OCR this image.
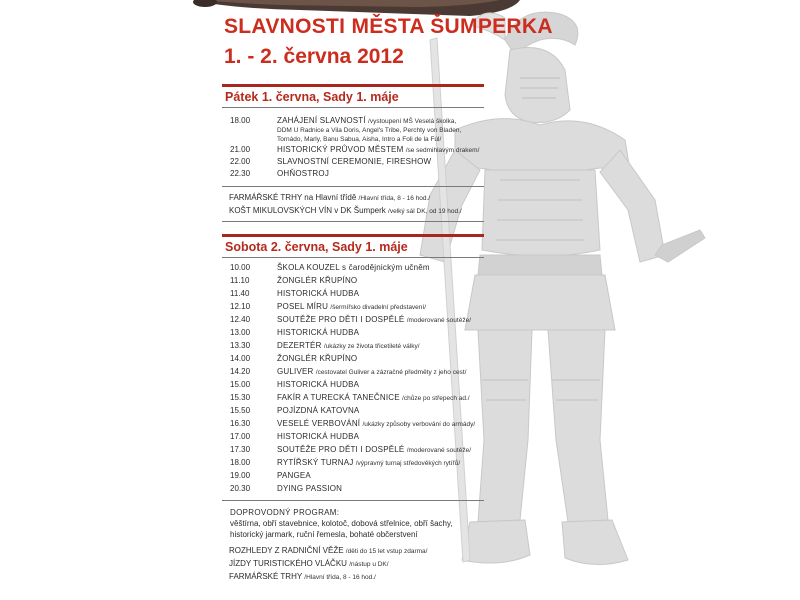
SLAVNOSTI MĚSTA ŠUMPERKA
1. - 2. června 2012
Pátek 1. června, Sady 1. máje
18.00	ZAHÁJENÍ SLAVNOSTÍ /vystoupení MŠ Veselá školka,
DDM U Radnice a Vila Doris, Angel's Tribe, Perchty von Bladen,
Tornádo, Marly, Banu Sabua, Aisha, Intro a Foli de la Fúl/
21.00	HISTORICKÝ PRŮVOD MĚSTEM /se sedmihlavým drakem/
22.00	SLAVNOSTNÍ CEREMONIE, FIRESHOW
22.30	OHŇOSTROJ
FARMÁŘSKÉ TRHY na Hlavní třídě /Hlavní třída, 8 - 16 hod./
KOŠT MIKULOVSKÝCH VÍN v DK Šumperk /velký sál DK, od 19 hod./
Sobota 2. června, Sady 1. máje
10.00	ŠKOLA KOUZEL s čarodějnickým učněm
11.10	ŽONGLÉR KŘUPÍNO
11.40	HISTORICKÁ HUDBA
12.10	POSEL MÍRU /šermířsko divadelní představení/
12.40	SOUTĚŽE PRO DĚTI I DOSPĚLÉ /moderované soutěže/
13.00	HISTORICKÁ HUDBA
13.30	DEZERTÉR /ukázky ze života třicetileté války/
14.00	ŽONGLÉR KŘUPÍNO
14.20	GULIVER /cestovatel Guliver a zázračné předměty z jeho cest/
15.00	HISTORICKÁ HUDBA
15.30	FAKÍR A TURECKÁ TANEČNICE /chůze po střepech ad./
15.50	POJÍZDNÁ KATOVNA
16.30	VESELÉ VERBOVÁNÍ /ukázky způsoby verbování do armády/
17.00	HISTORICKÁ HUDBA
17.30	SOUTĚŽE PRO DĚTI I DOSPĚLÉ /moderované soutěže/
18.00	RYTÍŘSKÝ TURNAJ /výpravný turnaj středověkých rytířů/
19.00	PANGEA
20.30	DYING PASSION
DOPROVODNÝ PROGRAM:
věštírna, obří stavebnice, kolotoč, dobová střelnice, obří šachy, historický jarmark, ruční řemesla, bohaté občerstvení
ROZHLEDY Z RADNIČNÍ VĚŽE /děti do 15 let vstup zdarma/
JÍZDY TURISTICKÉHO VLÁČKU /nástup u DK/
FARMÁŘSKÉ TRHY /Hlavní třída, 8 - 16 hod./
